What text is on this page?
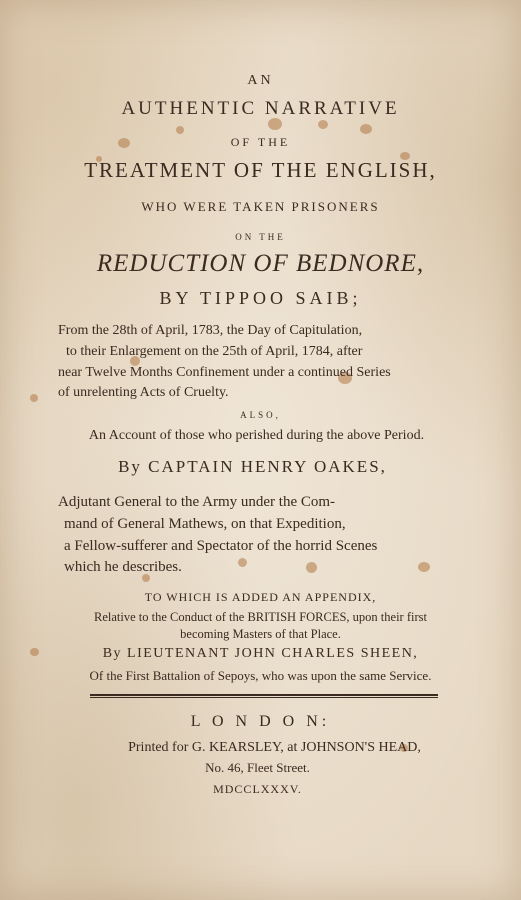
AN
AUTHENTIC NARRATIVE
OF THE
TREATMENT OF THE ENGLISH,
WHO WERE TAKEN PRISONERS
ON THE
REDUCTION OF BEDNORE,
BY TIPPOO SAIB;
From the 28th of April, 1783, the Day of Capitulation,
to their Enlargement on the 25th of April, 1784, after
near Twelve Months Confinement under a continued Series
of unrelenting Acts of Cruelty.
ALSO,
An Account of those who perished during the above Period.
By CAPTAIN HENRY OAKES,
Adjutant General to the Army under the Com-
mand of General Mathews, on that Expedition,
a Fellow-sufferer and Spectator of the horrid Scenes
which he describes.
TO WHICH IS ADDED AN APPENDIX,
Relative to the Conduct of the BRITISH FORCES, upon their first
becoming Masters of that Place.
By LIEUTENANT JOHN CHARLES SHEEN,
Of the First Battalion of Sepoys, who was upon the same Service.
L O N D O N:
Printed for G. KEARSLEY, at JOHNSON'S HEAD,
No. 46, Fleet Street.
MDCCLXXXV.
